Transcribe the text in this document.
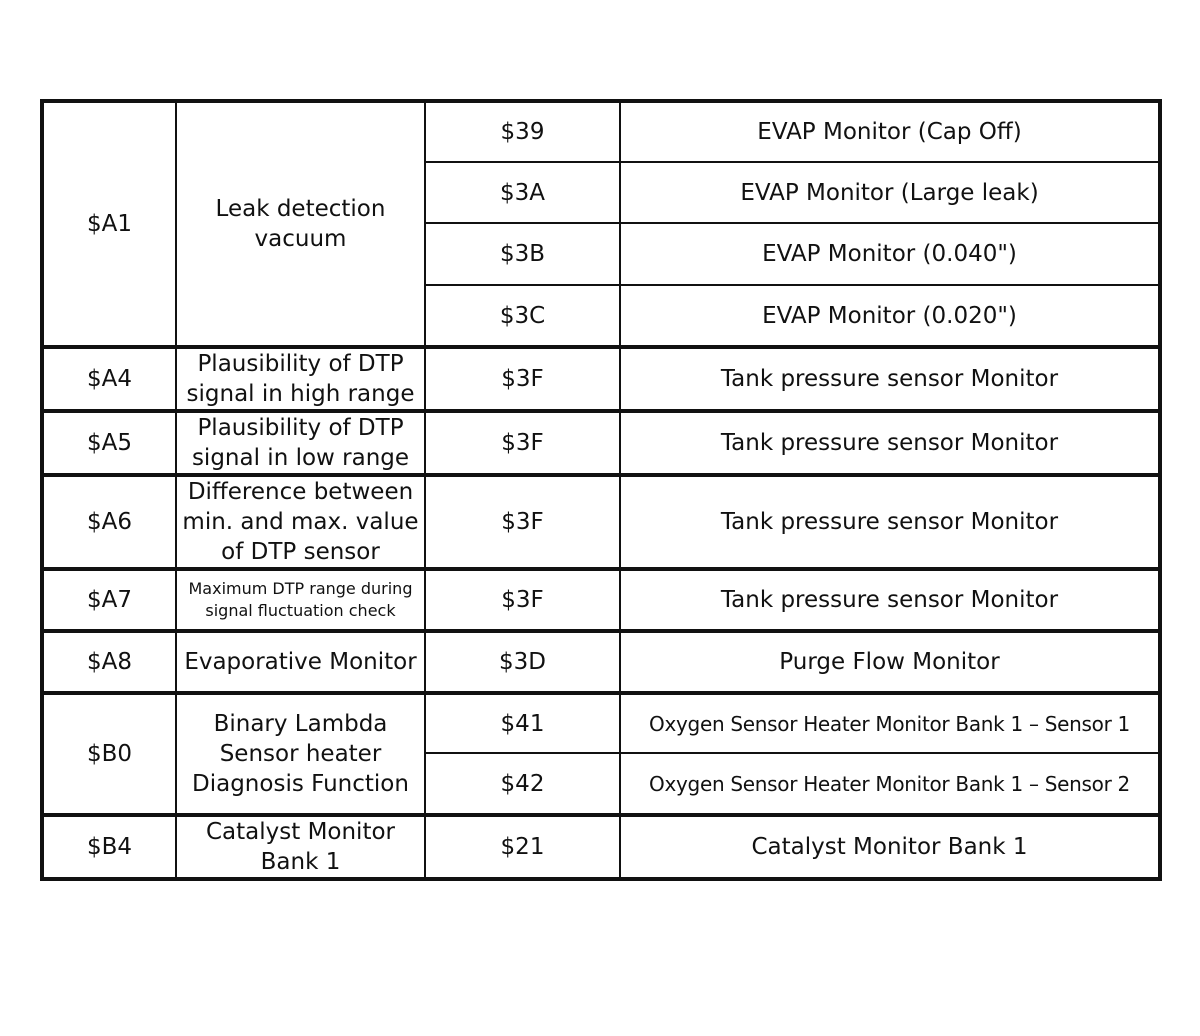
$A1	Leak detection
vacuum	$39	EVAP Monitor (Cap Off)
		$3A	EVAP Monitor (Large leak)
		$3B	EVAP Monitor (0.040")
		$3C	EVAP Monitor (0.020")
$A4	Plausibility of DTP
signal in high range	$3F	Tank pressure sensor Monitor
$A5	Plausibility of DTP
signal in low range	$3F	Tank pressure sensor Monitor
$A6	Difference between
min. and max. value
of DTP sensor	$3F	Tank pressure sensor Monitor
$A7	Maximum DTP range during
signal fluctuation check	$3F	Tank pressure sensor Monitor
$A8	Evaporative Monitor	$3D	Purge Flow Monitor
$B0	Binary Lambda
Sensor heater
Diagnosis Function	$41	Oxygen Sensor Heater Monitor Bank 1 – Sensor 1
		$42	Oxygen Sensor Heater Monitor Bank 1 – Sensor 2
$B4	Catalyst Monitor
Bank 1	$21	Catalyst Monitor Bank 1
